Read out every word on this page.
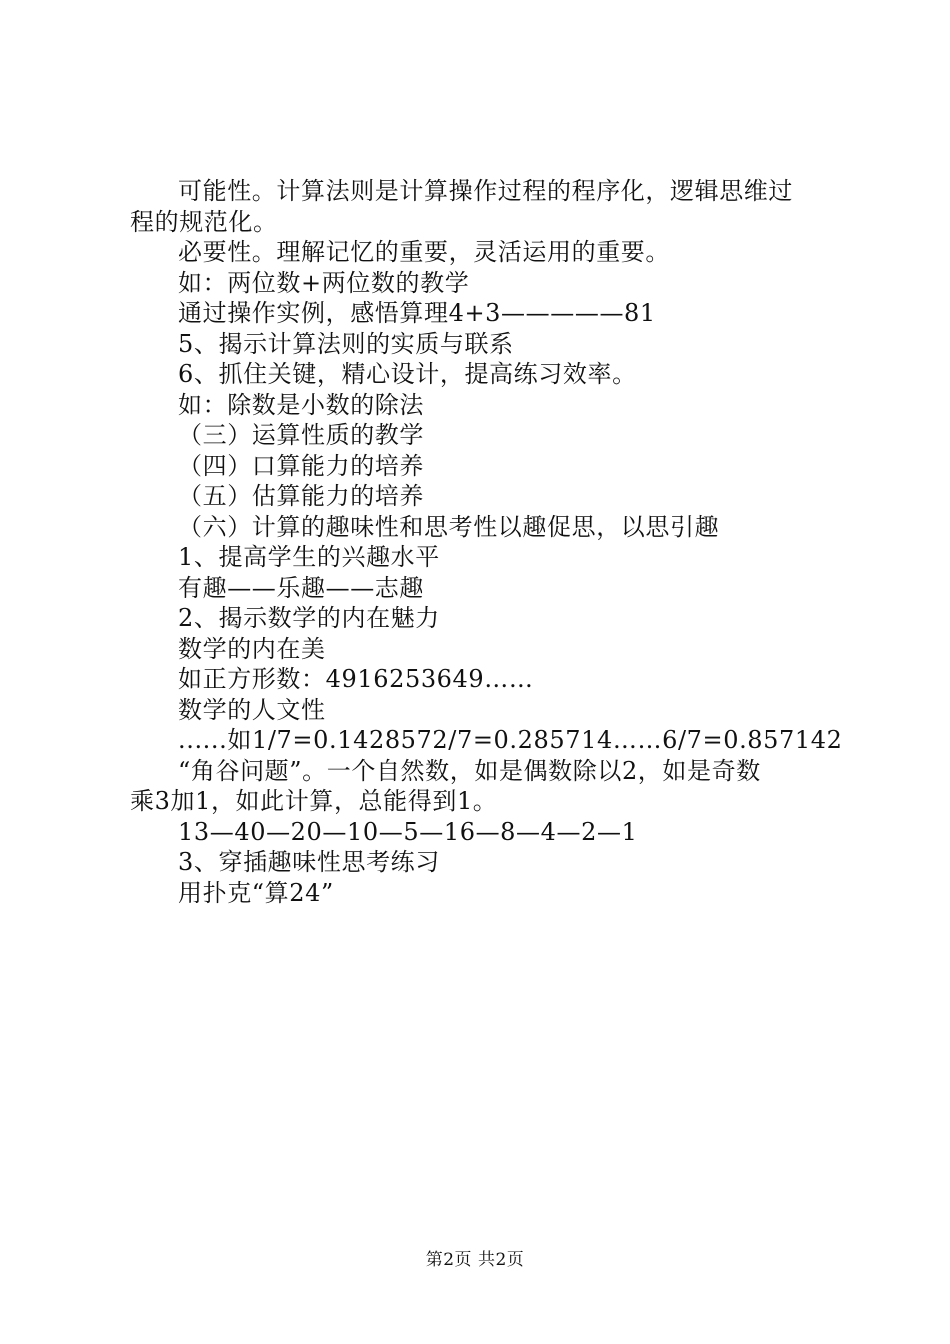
可能性。计算法则是计算操作过程的程序化，逻辑思维过
程的规范化。
必要性。理解记忆的重要，灵活运用的重要。
如：两位数+两位数的教学
通过操作实例，感悟算理4+3—————81
5、揭示计算法则的实质与联系
6、抓住关键，精心设计，提高练习效率。
如：除数是小数的除法
（三）运算性质的教学
（四）口算能力的培养
（五）估算能力的培养
（六）计算的趣味性和思考性以趣促思，以思引趣
1、提高学生的兴趣水平
有趣——乐趣——志趣
2、揭示数学的内在魅力
数学的内在美
如正方形数：4916253649……
数学的人文性
......如1/7=0.1428572/7=0.285714……6/7=0.857142
“角谷问题”。一个自然数，如是偶数除以2，如是奇数
乘3加1，如此计算，总能得到1。
13—40—20—10—5—16—8—4—2—1
3、穿插趣味性思考练习
用扑克“算24”
第2页 共2页
